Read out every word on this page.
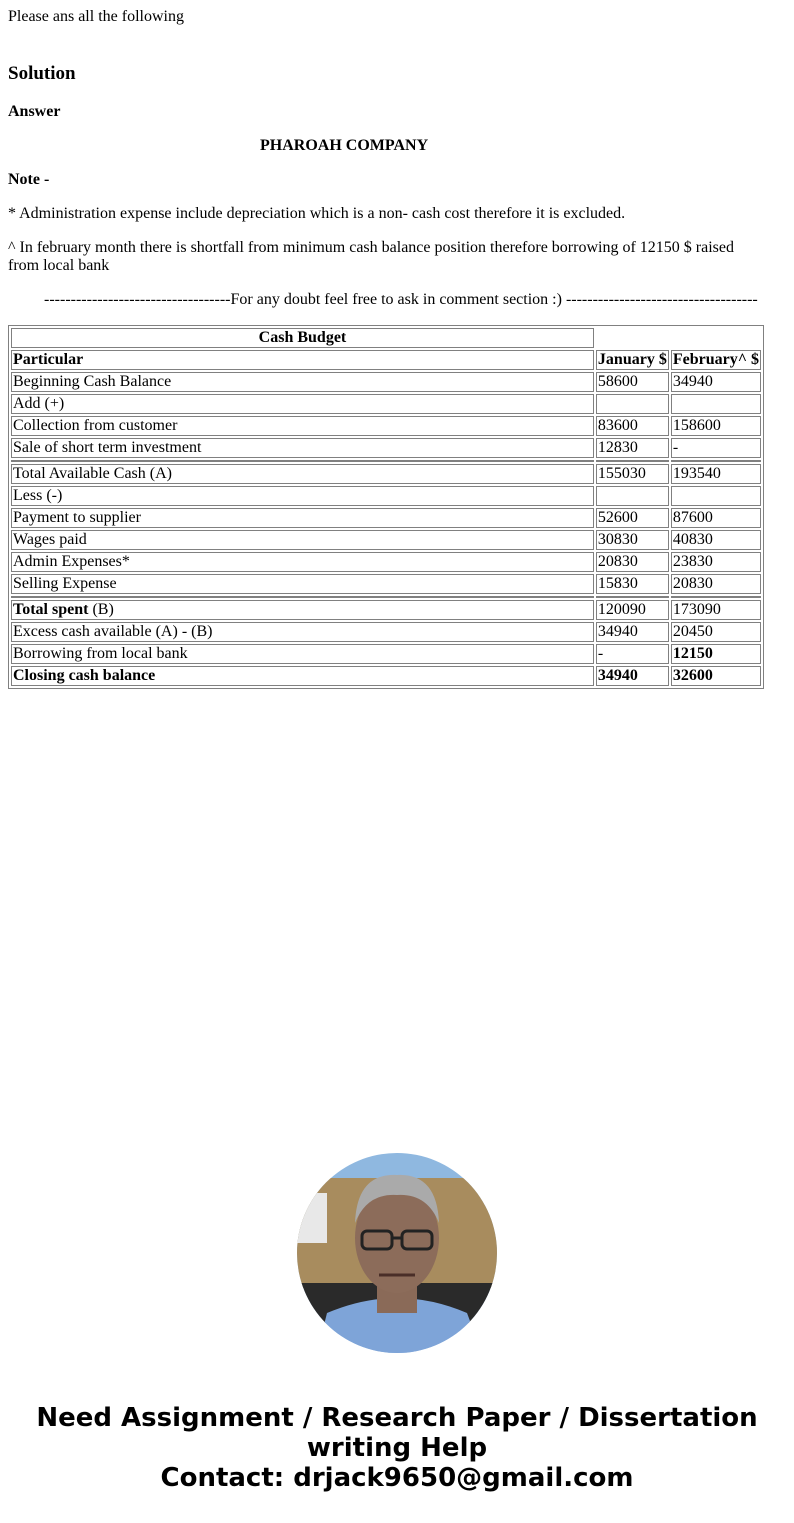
Please ans all the following

Solution

Answer

PHAROAH COMPANY

Note -

* Administration expense include depreciation which is a non- cash cost therefore it is excluded.

^ In february month there is shortfall from minimum cash balance position therefore borrowing of 12150 $ raised from local bank

-----------------------------------For any doubt feel free to ask in comment section :) ------------------------------------

Cash Budget		
Particular	January $	February^ $
Beginning Cash Balance	58600	34940
Add (+)		
Collection from customer	83600	158600
Sale of short term investment	12830	-

Total Available Cash (A)	155030	193540
Less (-)		
Payment to supplier	52600	87600
Wages paid	30830	40830
Admin Expenses*	20830	23830
Selling Expense	15830	20830

Total spent (B)	120090	173090
Excess cash available (A) - (B)	34940	20450
Borrowing from local bank	-	12150
Closing cash balance	34940	32600
Need Assignment / Research Paper / Dissertation writing Help
Contact: drjack9650@gmail.com
